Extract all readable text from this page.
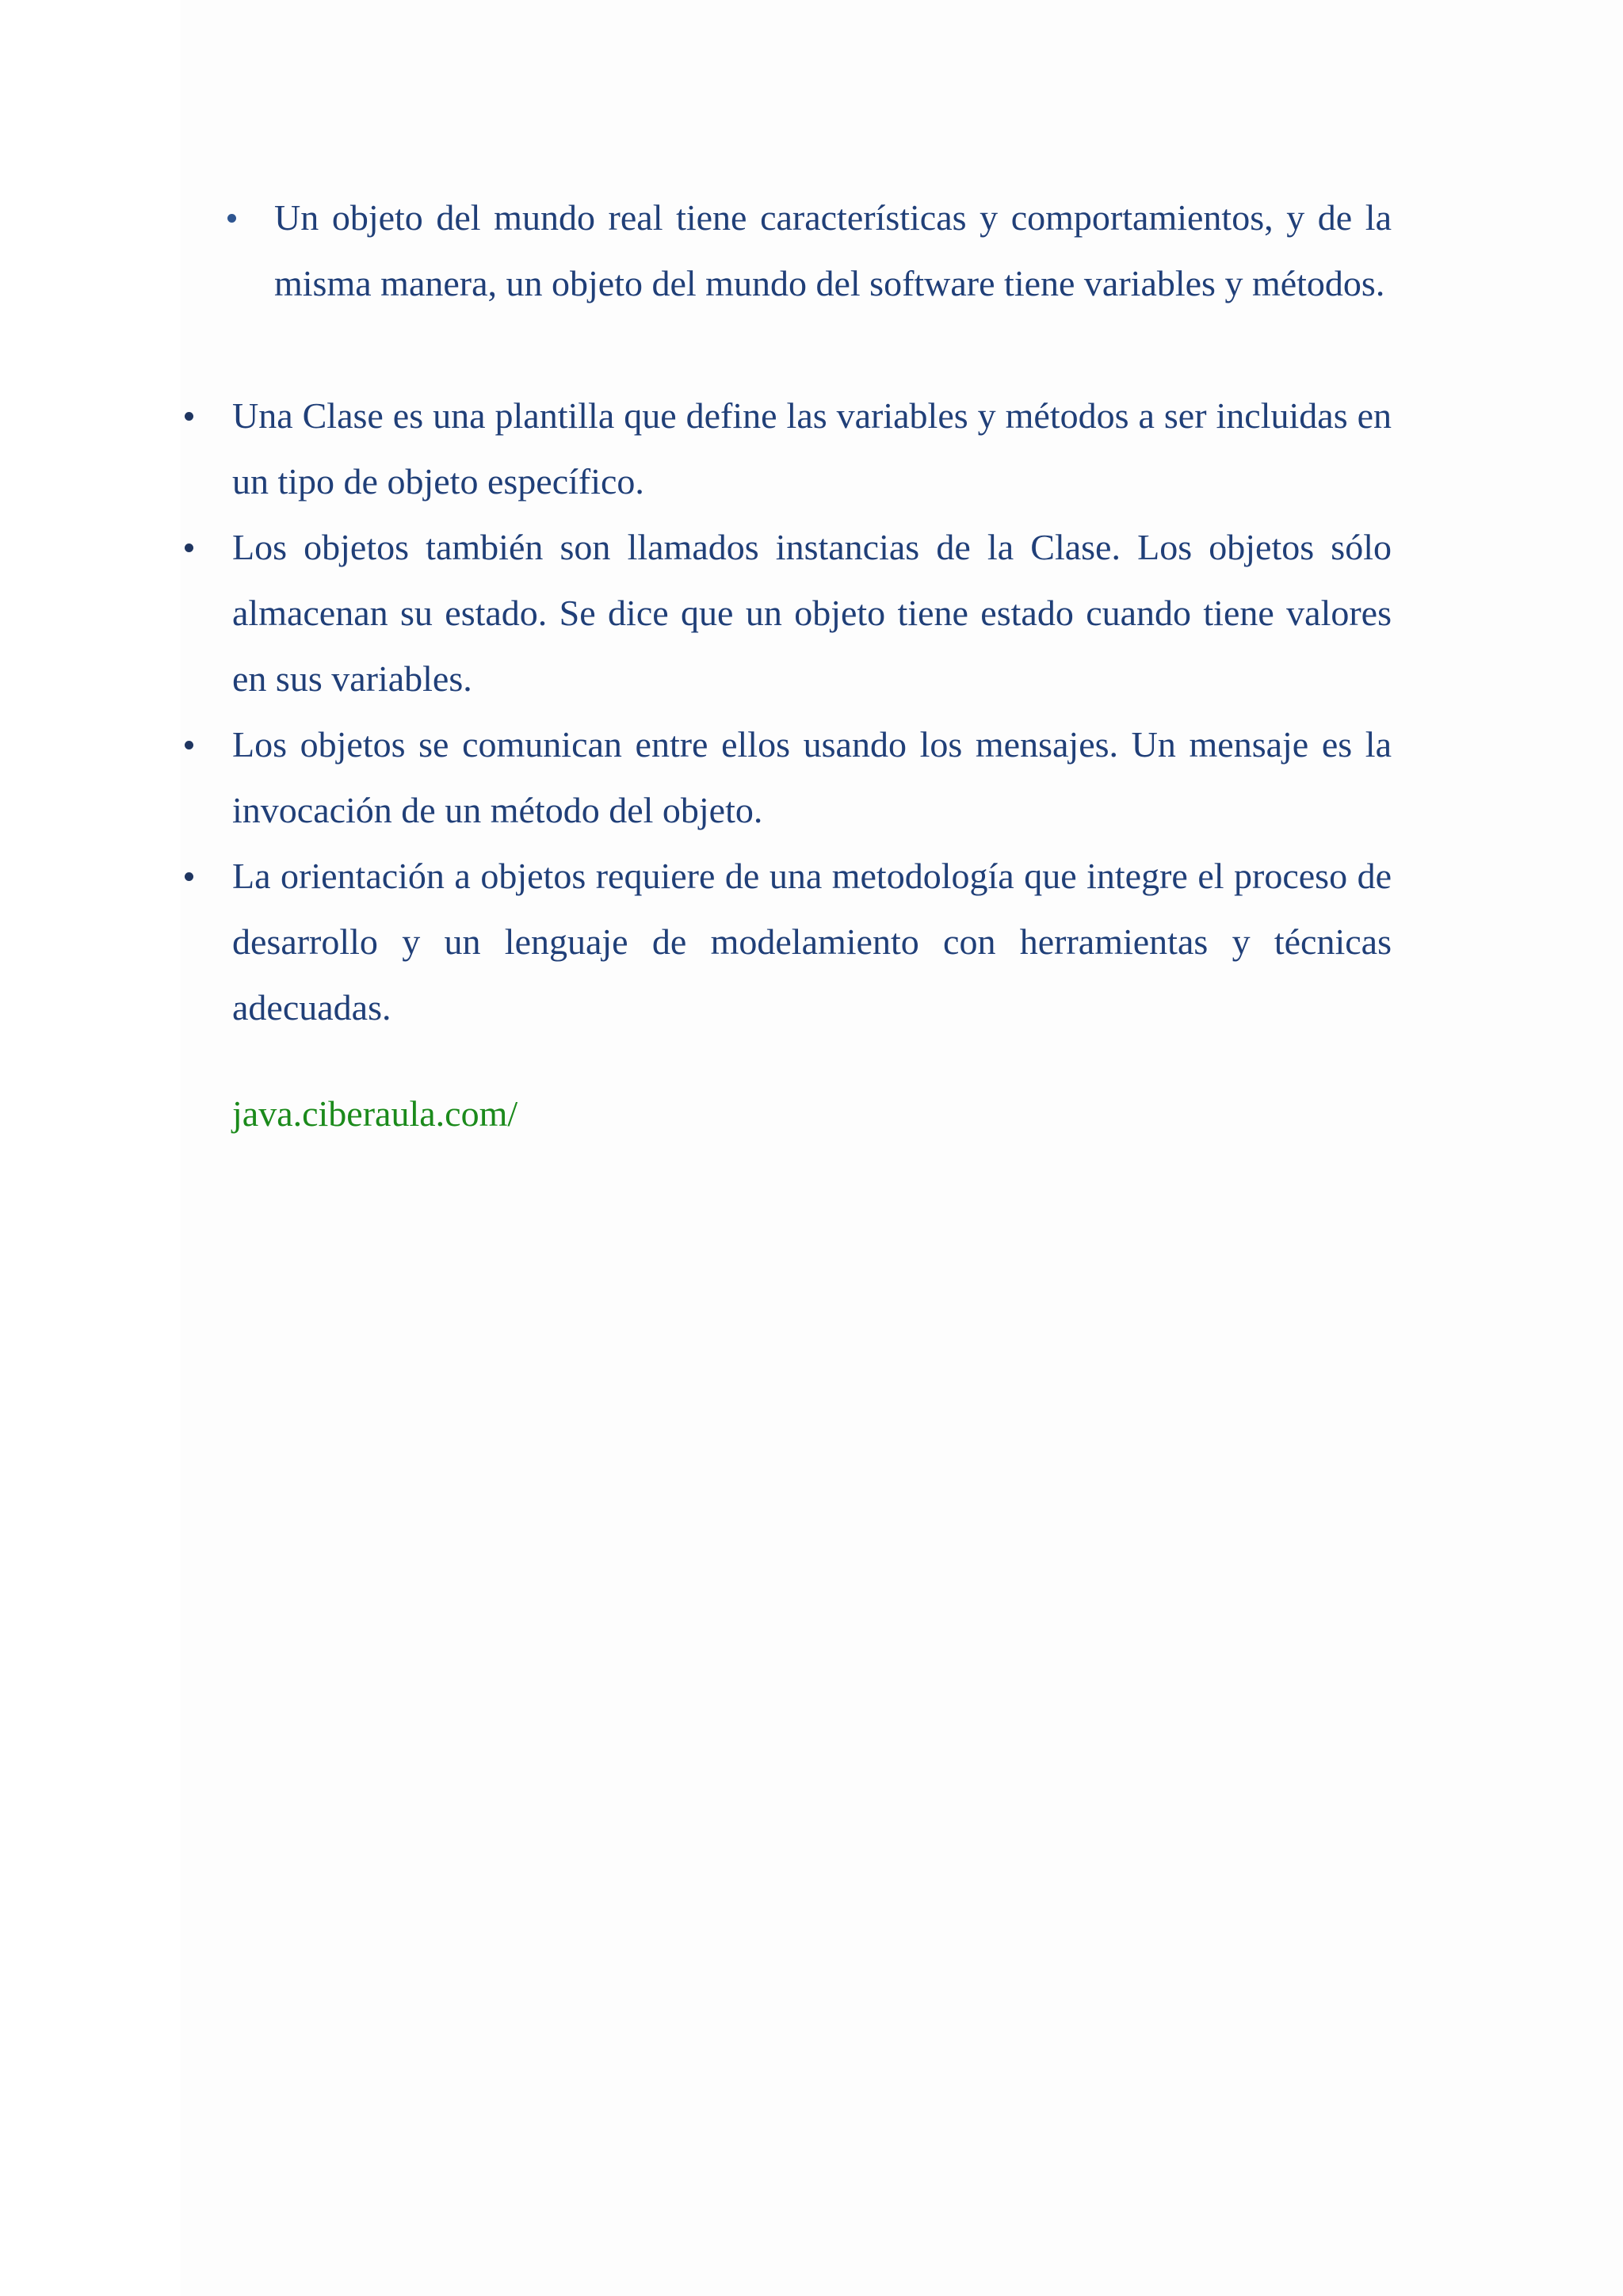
Un objeto del mundo real tiene características y comportamientos, y de la misma manera, un objeto del mundo del software tiene variables y métodos.
Una Clase es una plantilla que define las variables y métodos a ser incluidas en un tipo de objeto específico.
Los objetos también son llamados instancias de la Clase. Los objetos sólo almacenan su estado. Se dice que un objeto tiene estado cuando tiene valores en sus variables.
Los objetos se comunican entre ellos usando los mensajes. Un mensaje es la invocación de un método del objeto.
La orientación a objetos requiere de una metodología que integre el proceso de desarrollo y un lenguaje de modelamiento con herramientas y técnicas adecuadas.
java.ciberaula.com/
